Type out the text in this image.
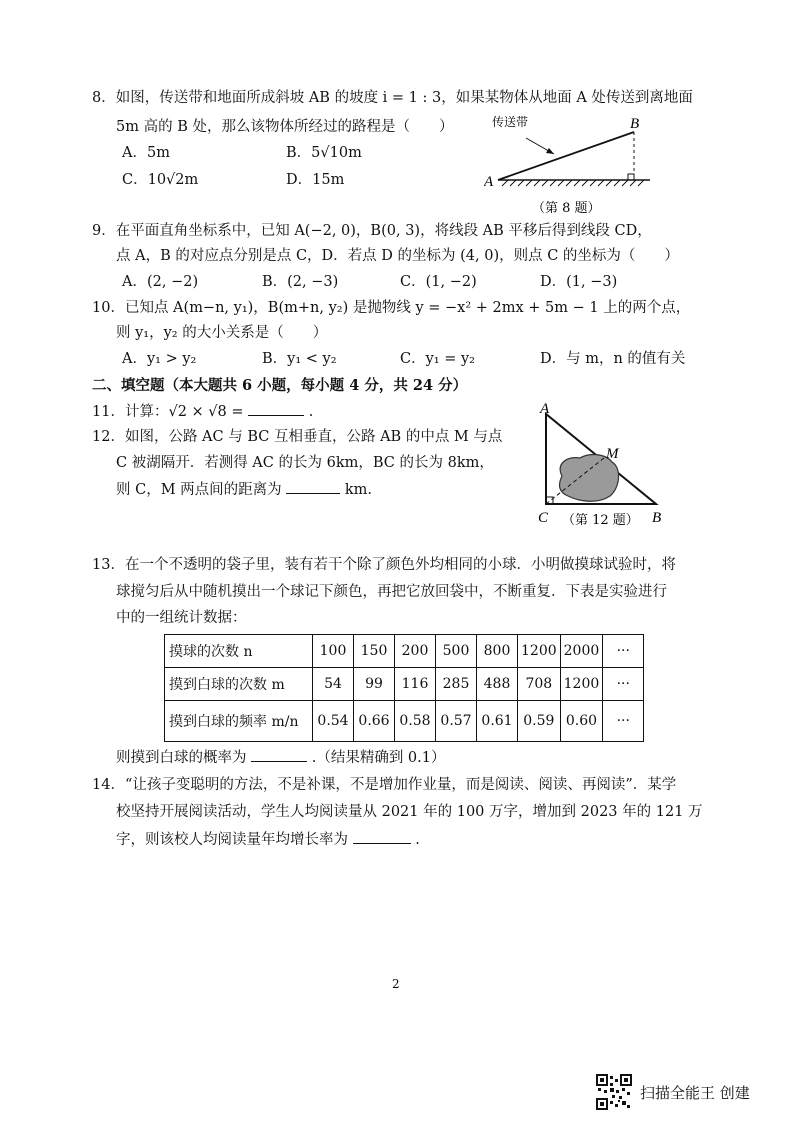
8．如图，传送带和地面所成斜坡 AB 的坡度 i = 1 : 3，如果某物体从地面 A 处传送到离地面
5m 高的 B 处，那么该物体所经过的路程是（　　）
A．5m	B．5√10m
C．10√2m	D．15m
传送带
A
B
（第 8 题）
9．在平面直角坐标系中，已知 A(−2, 0)，B(0, 3)，将线段 AB 平移后得到线段 CD，
点 A，B 的对应点分别是点 C，D．若点 D 的坐标为 (4, 0)，则点 C 的坐标为（　　）
A．(2, −2)	B．(2, −3)	C．(1, −2)	D．(1, −3)
10．已知点 A(m−n, y₁)，B(m+n, y₂) 是抛物线 y = −x² + 2mx + 5m − 1 上的两个点，
则 y₁，y₂ 的大小关系是（　　）
A．y₁ > y₂	B．y₁ < y₂	C．y₁ = y₂	D．与 m，n 的值有关
二、填空题（本大题共 6 小题，每小题 4 分，共 24 分）
11．计算：√2 × √8 =	.
12．如图，公路 AC 与 BC 互相垂直，公路 AB 的中点 M 与点
C 被湖隔开．若测得 AC 的长为 6km，BC 的长为 8km，
则 C，M 两点间的距离为	km.
A
M
C	B
（第 12 题）
13．在一个不透明的袋子里，装有若干个除了颜色外均相同的小球．小明做摸球试验时，将
球搅匀后从中随机摸出一个球记下颜色，再把它放回袋中，不断重复．下表是实验进行
中的一组统计数据：
摸球的次数 n	100	150	200	500	800	1200	2000	···
摸到白球的次数 m	54	99	116	285	488	708	1200	···
摸到白球的频率 m/n	0.54	0.66	0.58	0.57	0.61	0.59	0.60	···
则摸到白球的概率为	.（结果精确到 0.1）
14．“让孩子变聪明的方法，不是补课，不是增加作业量，而是阅读、阅读、再阅读”．某学
校坚持开展阅读活动，学生人均阅读量从 2021 年的 100 万字，增加到 2023 年的 121 万
字，则该校人均阅读量年均增长率为	.
2
扫描全能王 创建
